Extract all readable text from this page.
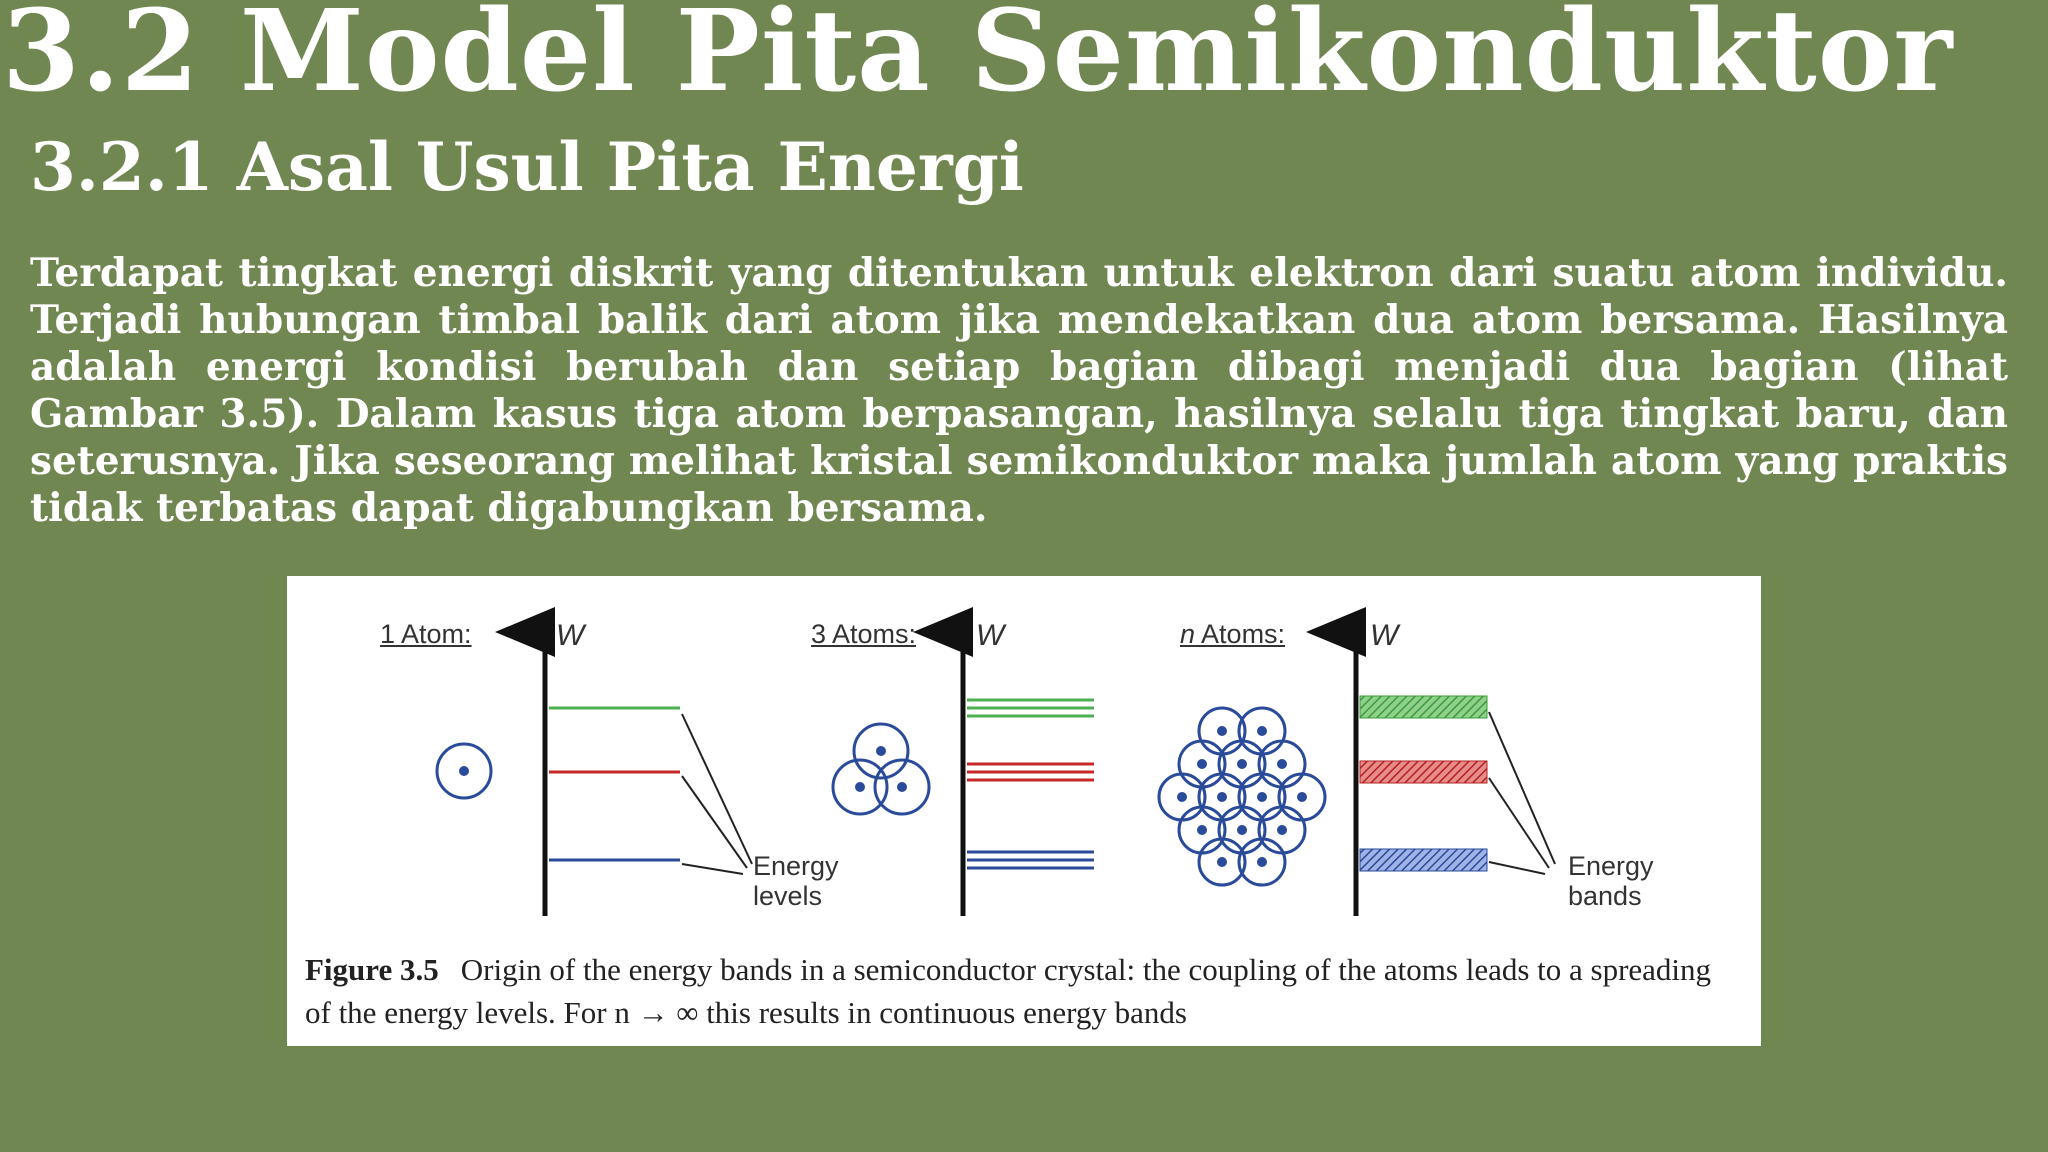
3.2 Model Pita Semikonduktor
3.2.1 Asal Usul Pita Energi

Terdapat tingkat energi diskrit yang ditentukan untuk elektron dari suatu atom individu. Terjadi hubungan timbal balik dari atom jika mendekatkan dua atom bersama. Hasilnya adalah energi kondisi berubah dan setiap bagian dibagi menjadi dua bagian (lihat Gambar 3.5). Dalam kasus tiga atom berpasangan, hasilnya selalu tiga tingkat baru, dan seterusnya. Jika seseorang melihat kristal semikonduktor maka jumlah atom yang praktis tidak terbatas dapat digabungkan bersama.

1 Atom:	W	3 Atoms: W	n Atoms:	W
Energy
levels
Energy
bands
Figure 3.5 Origin of the energy bands in a semiconductor crystal: the coupling of the atoms leads to a spreading of the energy levels. For n → ∞ this results in continuous energy bands
